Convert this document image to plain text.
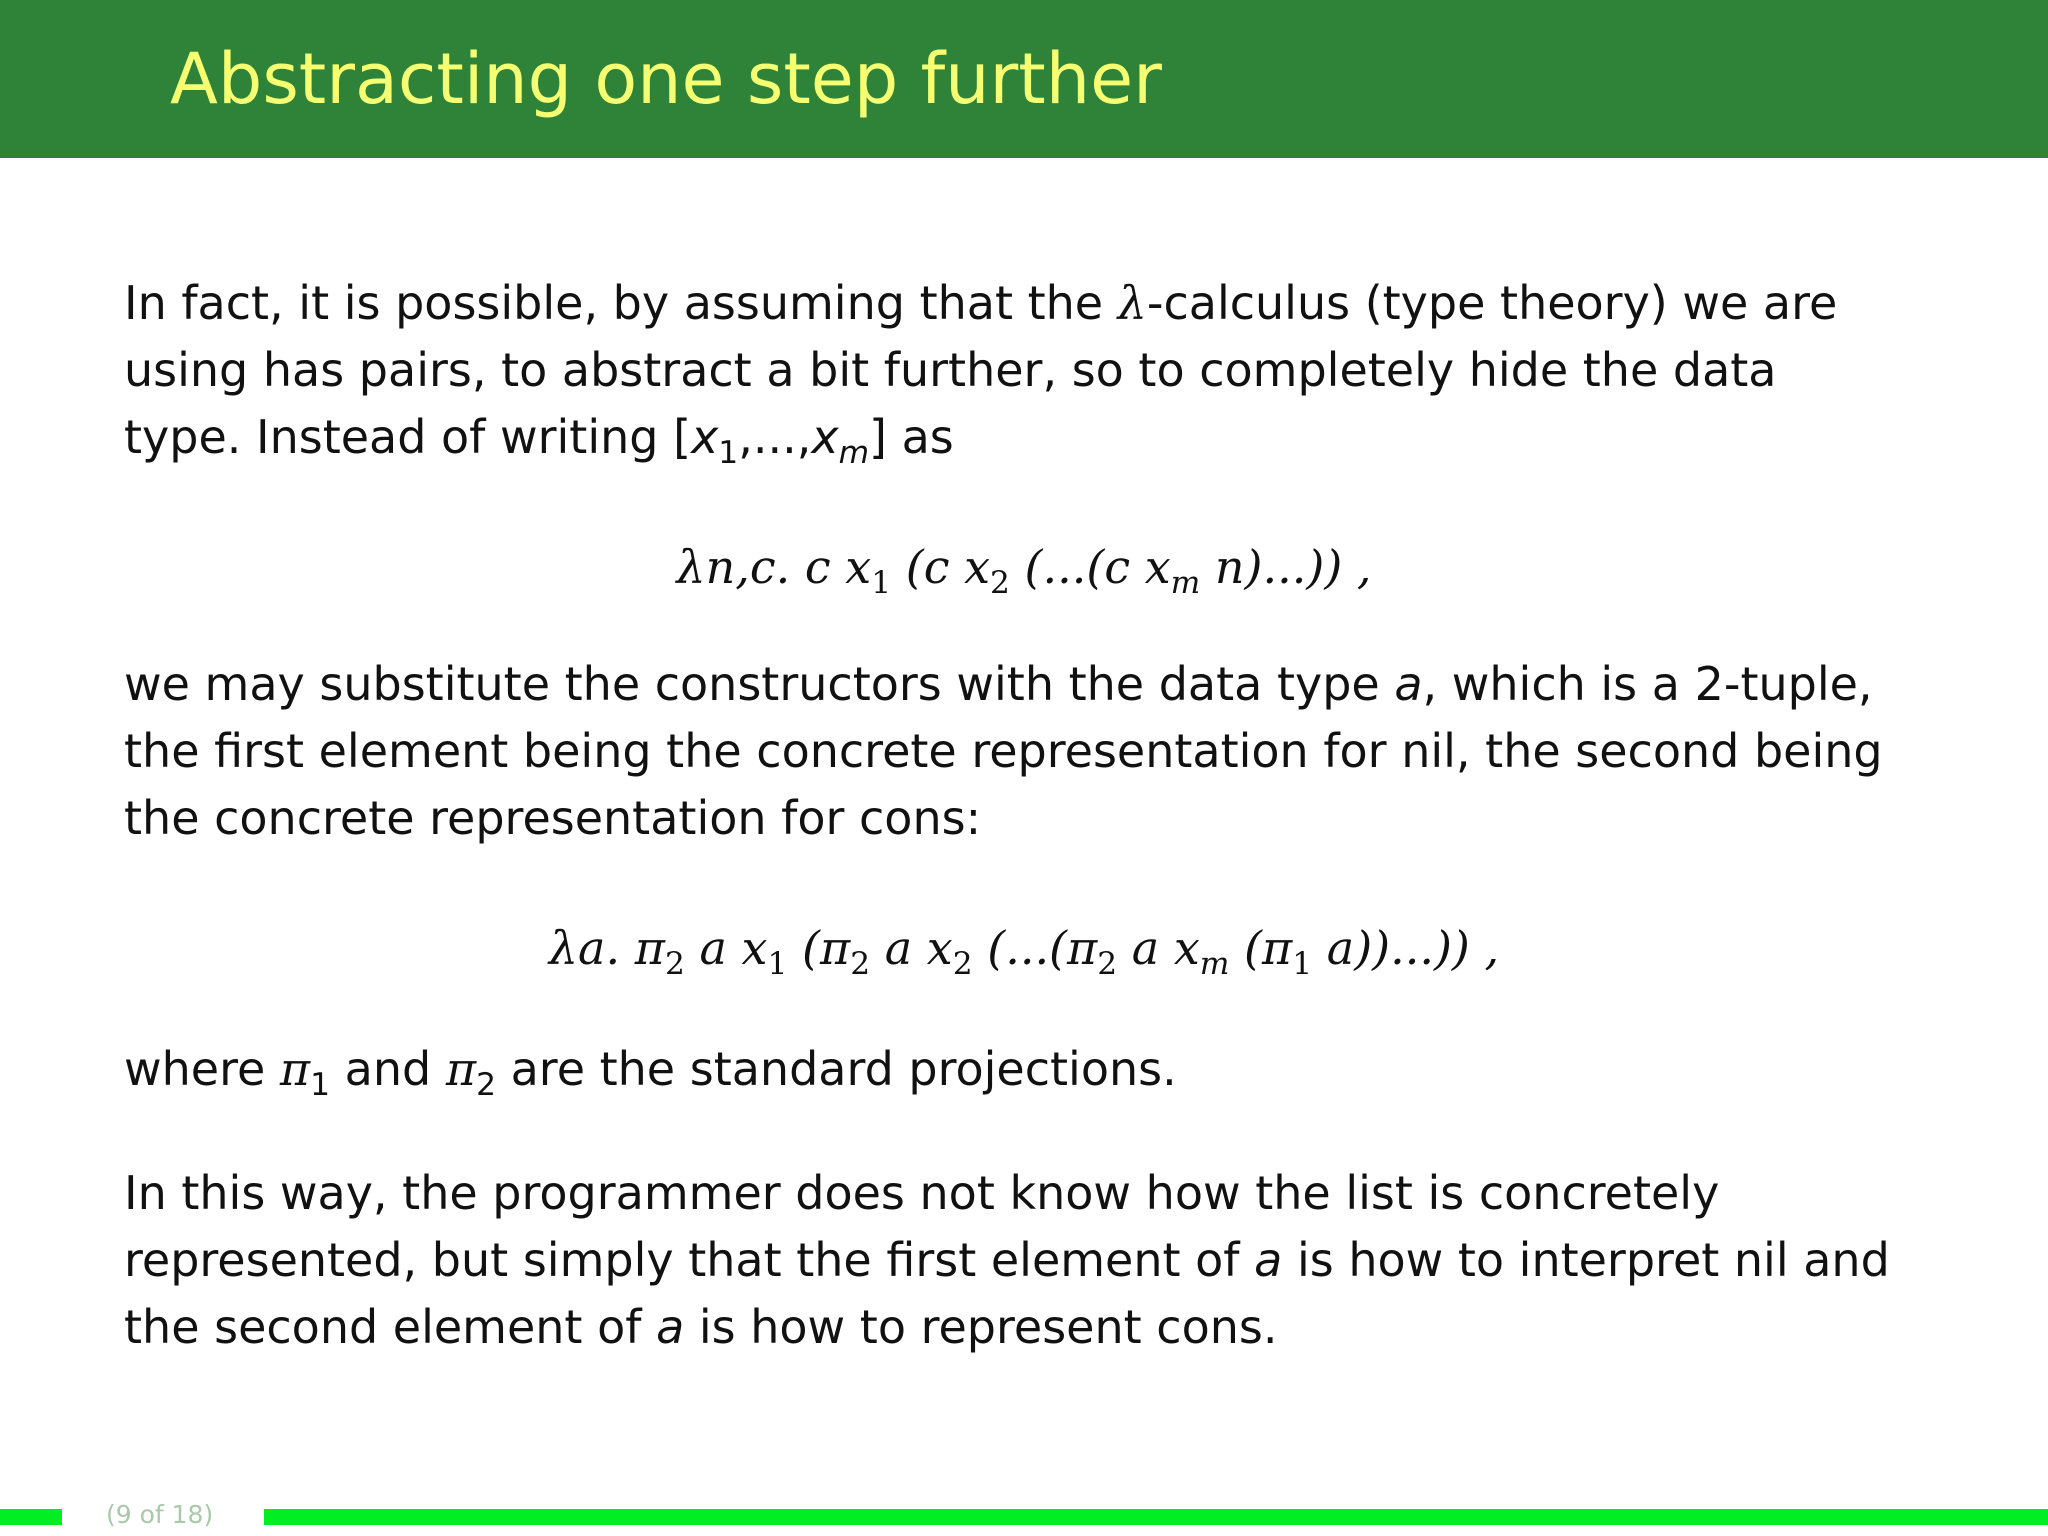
Abstracting one step further

In fact, it is possible, by assuming that the λ-calculus (type theory) we are
using has pairs, to abstract a bit further, so to completely hide the data
type. Instead of writing $[x_1,...,x_m]$ as

λn,c. c $x_1$ (c $x_2$ (...(c $x_m$ n)...)) ,

we may substitute the constructors with the data type a, which is a 2-tuple,
the first element being the concrete representation for nil, the second being
the concrete representation for cons:

λa. $\pi_2$ a $x_1$ ($\pi_2$ a $x_2$ ($...(\pi_2$ a $x_m$ ($\pi_1$ a))...)) ,

where $\pi_1$ and $\pi_2$ are the standard projections.

In this way, the programmer does not know how the list is concretely
represented, but simply that the first element of a is how to interpret nil and
the second element of a is how to represent cons.

(9 of 18)
